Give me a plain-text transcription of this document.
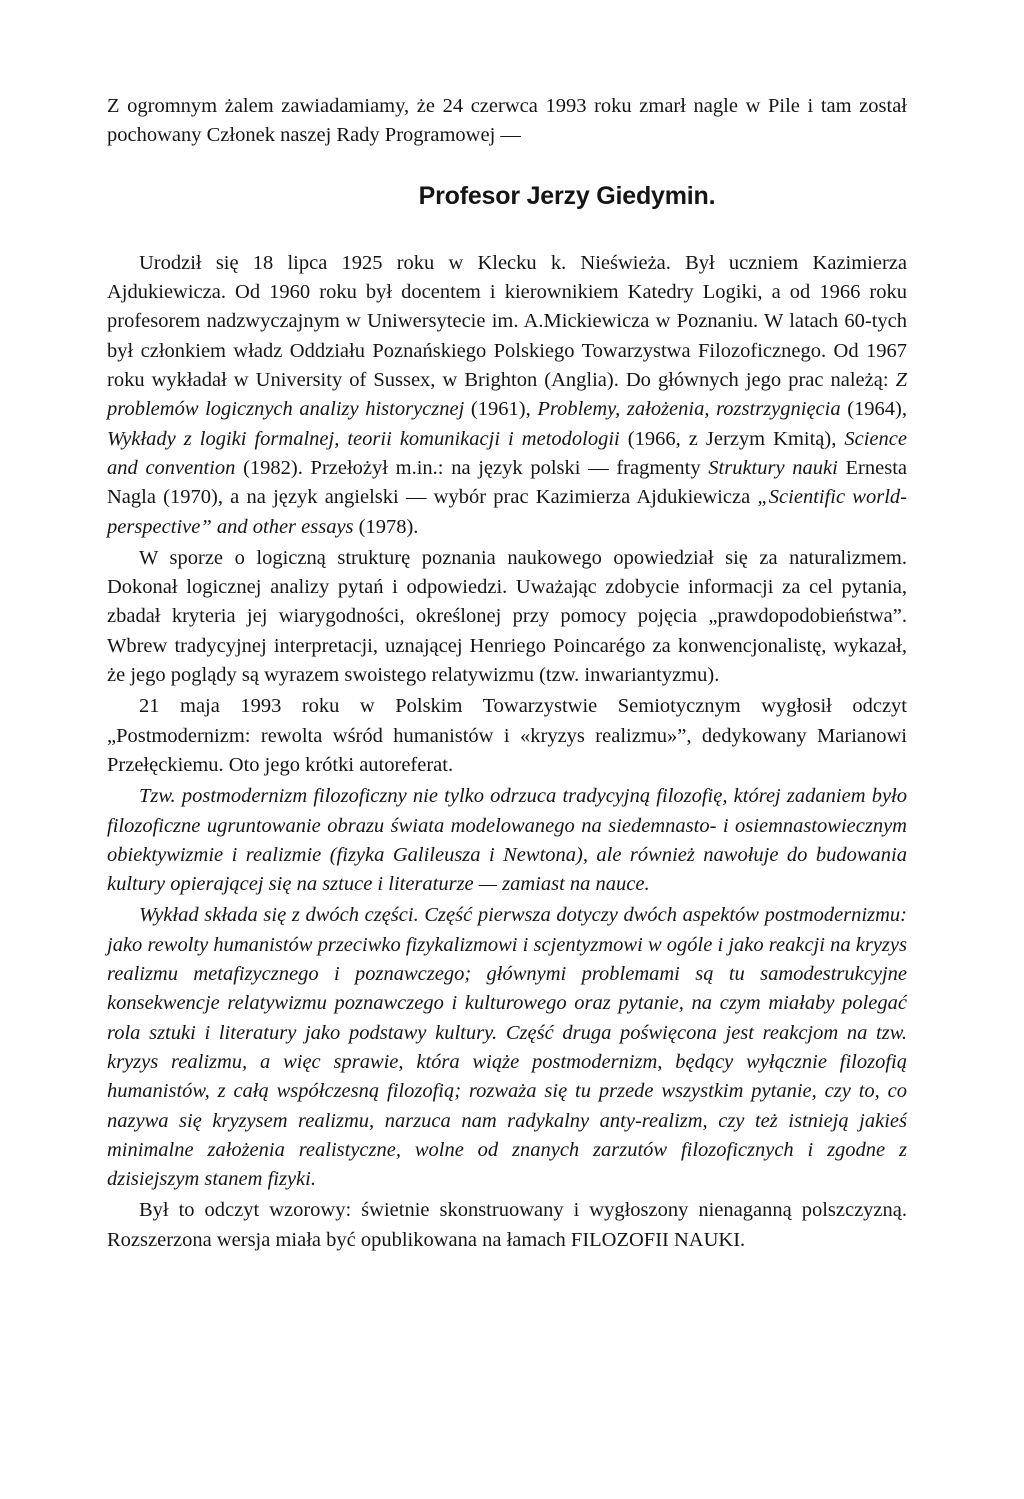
Z ogromnym żalem zawiadamiamy, że 24 czerwca 1993 roku zmarł nagle w Pile i tam został pochowany Członek naszej Rady Programowej —

Profesor Jerzy Giedymin.

Urodził się 18 lipca 1925 roku w Klecku k. Nieświeża. Był uczniem Kazimierza Ajdukiewicza. Od 1960 roku był docentem i kierownikiem Katedry Logiki, a od 1966 roku profesorem nadzwyczajnym w Uniwersytecie im. A.Mickiewicza w Poznaniu. W latach 60-tych był członkiem władz Oddziału Poznańskiego Polskiego Towarzystwa Filozoficznego. Od 1967 roku wykładał w University of Sussex, w Brighton (Anglia). Do głównych jego prac należą: Z problemów logicznych analizy historycznej (1961), Problemy, założenia, rozstrzygnięcia (1964), Wykłady z logiki formalnej, teorii komunikacji i metodologii (1966, z Jerzym Kmitą), Science and convention (1982). Przełożył m.in.: na język polski — fragmenty Struktury nauki Ernesta Nagla (1970), a na język angielski — wybór prac Kazimierza Ajdukiewicza „Scientific world-perspective” and other essays (1978).

W sporze o logiczną strukturę poznania naukowego opowiedział się za naturalizmem. Dokonał logicznej analizy pytań i odpowiedzi. Uważając zdobycie informacji za cel pytania, zbadał kryteria jej wiarygodności, określonej przy pomocy pojęcia „prawdopodobieństwa”. Wbrew tradycyjnej interpretacji, uznającej Henriego Poincarégo za konwencjonalistę, wykazał, że jego poglądy są wyrazem swoistego relatywizmu (tzw. inwariantyzmu).

21 maja 1993 roku w Polskim Towarzystwie Semiotycznym wygłosił odczyt „Postmodernizm: rewolta wśród humanistów i «kryzys realizmu»”, dedykowany Marianowi Przełęckiemu. Oto jego krótki autoreferat.

Tzw. postmodernizm filozoficzny nie tylko odrzuca tradycyjną filozofię, której zadaniem było filozoficzne ugruntowanie obrazu świata modelowanego na siedemnasto- i osiemnastowiecznym obiektywizmie i realizmie (fizyka Galileusza i Newtona), ale również nawołuje do budowania kultury opierającej się na sztuce i literaturze — zamiast na nauce.

Wykład składa się z dwóch części. Część pierwsza dotyczy dwóch aspektów postmodernizmu: jako rewolty humanistów przeciwko fizykalizmowi i scjentyzmowi w ogóle i jako reakcji na kryzys realizmu metafizycznego i poznawczego; głównymi problemami są tu samodestrukcyjne konsekwencje relatywizmu poznawczego i kulturowego oraz pytanie, na czym miałaby polegać rola sztuki i literatury jako podstawy kultury. Część druga poświęcona jest reakcjom na tzw. kryzys realizmu, a więc sprawie, która wiąże postmodernizm, będący wyłącznie filozofią humanistów, z całą współczesną filozofią; rozważa się tu przede wszystkim pytanie, czy to, co nazywa się kryzysem realizmu, narzuca nam radykalny anty-realizm, czy też istnieją jakieś minimalne założenia realistyczne, wolne od znanych zarzutów filozoficznych i zgodne z dzisiejszym stanem fizyki.

Był to odczyt wzorowy: świetnie skonstruowany i wygłoszony nienaganną polszczyzną. Rozszerzona wersja miała być opublikowana na łamach FILOZOFII NAUKI.
